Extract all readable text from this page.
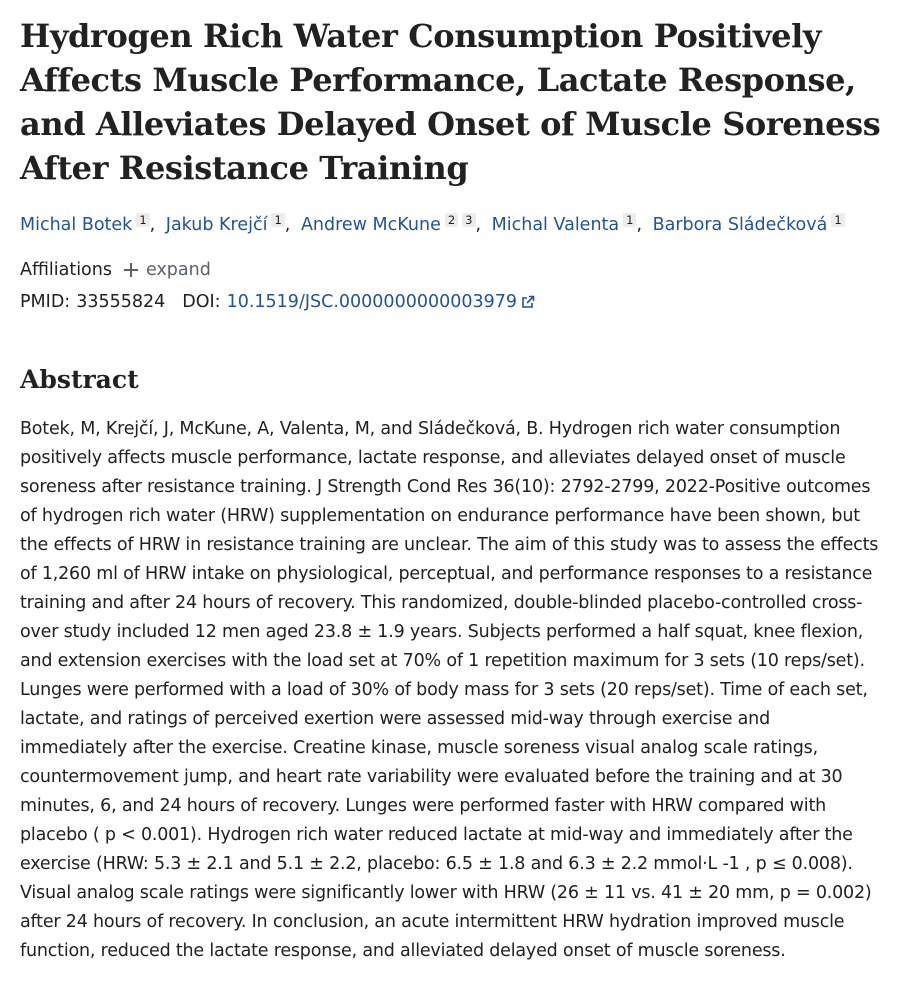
Hydrogen Rich Water Consumption Positively Affects Muscle Performance, Lactate Response, and Alleviates Delayed Onset of Muscle Soreness After Resistance Training
Michal Botek 1 , Jakub Krejčí 1 , Andrew McKune 2 3 , Michal Valenta 1 , Barbora Sládečková 1
Affiliations expand
PMID: 33555824 DOI: 10.1519/JSC.0000000000003979
Abstract
Botek, M, Krejčí, J, McKune, A, Valenta, M, and Sládečková, B. Hydrogen rich water consumption positively affects muscle performance, lactate response, and alleviates delayed onset of muscle soreness after resistance training. J Strength Cond Res 36(10): 2792-2799, 2022-Positive outcomes of hydrogen rich water (HRW) supplementation on endurance performance have been shown, but the effects of HRW in resistance training are unclear. The aim of this study was to assess the effects of 1,260 ml of HRW intake on physiological, perceptual, and performance responses to a resistance training and after 24 hours of recovery. This randomized, double-blinded placebo-controlled cross-over study included 12 men aged 23.8 ± 1.9 years. Subjects performed a half squat, knee flexion, and extension exercises with the load set at 70% of 1 repetition maximum for 3 sets (10 reps/set). Lunges were performed with a load of 30% of body mass for 3 sets (20 reps/set). Time of each set, lactate, and ratings of perceived exertion were assessed mid-way through exercise and immediately after the exercise. Creatine kinase, muscle soreness visual analog scale ratings, countermovement jump, and heart rate variability were evaluated before the training and at 30 minutes, 6, and 24 hours of recovery. Lunges were performed faster with HRW compared with placebo ( p < 0.001). Hydrogen rich water reduced lactate at mid-way and immediately after the exercise (HRW: 5.3 ± 2.1 and 5.1 ± 2.2, placebo: 6.5 ± 1.8 and 6.3 ± 2.2 mmol·L -1 , p ≤ 0.008). Visual analog scale ratings were significantly lower with HRW (26 ± 11 vs. 41 ± 20 mm, p = 0.002) after 24 hours of recovery. In conclusion, an acute intermittent HRW hydration improved muscle function, reduced the lactate response, and alleviated delayed onset of muscle soreness.
